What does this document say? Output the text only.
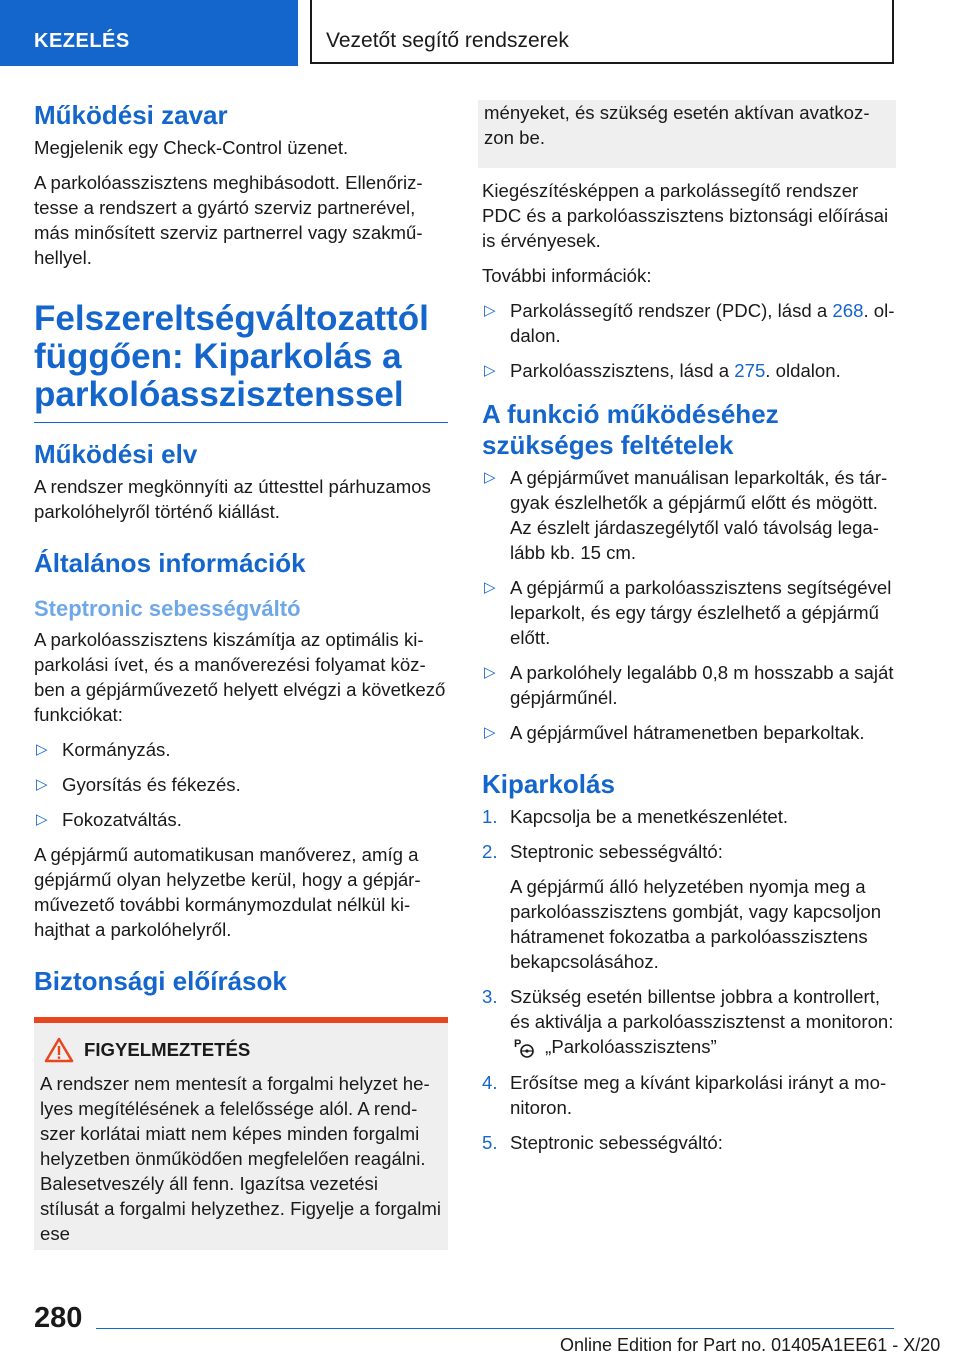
KEZELÉS	Vezetőt segítő rendszerek
Működési zavar

Megjelenik egy Check-Control üzenet.

A parkolóasszisztens meghibásodott. Ellenőriztesse a rendszert a gyártó szerviz partnerével, más minősített szerviz partnerrel vagy szakműhellyel.

Felszereltségváltozattól függően: Kiparkolás a parkolóasszisztenssel
Működési elv

A rendszer megkönnyíti az úttesttel párhuzamos parkolóhelyről történő kiállást.

Általános információk
Steptronic sebességváltó

A parkolóasszisztens kiszámítja az optimális kiparkolási ívet, és a manőverezési folyamat közben a gépjárművezető helyett elvégzi a következő funkciókat:

▷ Kormányzás.
▷ Gyorsítás és fékezés.
▷ Fokozatváltás.

A gépjármű automatikusan manőverez, amíg a gépjármű olyan helyzetbe kerül, hogy a gépjárművezető további kormánymozdulat nélkül kihajthat a parkolóhelyről.

Biztonsági előírások
FIGYELMEZTETÉS

A rendszer nem mentesít a forgalmi helyzet helyes megítélésének a felelőssége alól. A rendszer korlátai miatt nem képes minden forgalmi helyzetben önműködően megfelelően reagálni. Balesetveszély áll fenn. Igazítsa vezetési stílusát a forgalmi helyzethez. Figyelje a forgalmi ese

ményeket, és szükség esetén aktívan avatkozzon be.

Kiegészítésképpen a parkolássegítő rendszer PDC és a parkolóasszisztens biztonsági előírásai is érvényesek.

További információk:

▷ Parkolássegítő rendszer (PDC), lásd a 268. oldalon.
▷ Parkolóasszisztens, lásd a 275. oldalon.
A funkció működéséhez szükséges feltételek
▷ A gépjárművet manuálisan leparkolták, és tárgyak észlelhetők a gépjármű előtt és mögött. Az észlelt járdaszegélytől való távolság legalább kb. 15 cm.
▷ A gépjármű a parkolóasszisztens segítségével leparkolt, és egy tárgy észlelhető a gépjármű előtt.
▷ A parkolóhely legalább 0,8 m hosszabb a saját gépjárműnél.
▷ A gépjárművel hátramenetben beparkoltak.
Kiparkolás
1. Kapcsolja be a menetkészenlétet.
2. Steptronic sebességváltó:
A gépjármű álló helyzetében nyomja meg a parkolóasszisztens gombját, vagy kapcsoljon hátramenet fokozatba a parkolóasszisztens bekapcsolásához.
3. Szükség esetén billentse jobbra a kontrollert, és aktiválja a parkolóasszisztenst a monitoron:
P „Parkolóasszisztens”
4. Erősítse meg a kívánt kiparkolási irányt a monitoron.
5. Steptronic sebességváltó:
280
Online Edition for Part no. 01405A1EE61 - X/20
